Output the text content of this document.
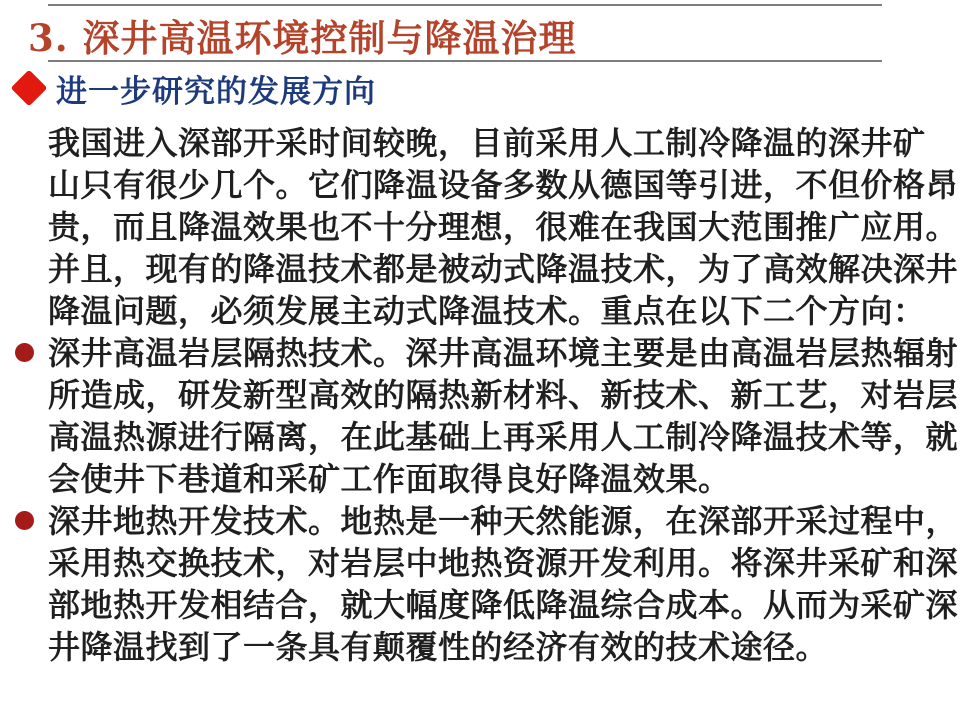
3. 深井高温环境控制与降温治理
进一步研究的发展方向
我国进入深部开采时间较晚，目前采用人工制冷降温的深井矿
山只有很少几个。它们降温设备多数从德国等引进，不但价格昂
贵，而且降温效果也不十分理想，很难在我国大范围推广应用。
并且，现有的降温技术都是被动式降温技术，为了高效解决深井
降温问题，必须发展主动式降温技术。重点在以下二个方向：
深井高温岩层隔热技术。深井高温环境主要是由高温岩层热辐射
所造成，研发新型高效的隔热新材料、新技术、新工艺，对岩层
高温热源进行隔离，在此基础上再采用人工制冷降温技术等，就
会使井下巷道和采矿工作面取得良好降温效果。
深井地热开发技术。地热是一种天然能源，在深部开采过程中，
采用热交换技术，对岩层中地热资源开发利用。将深井采矿和深
部地热开发相结合，就大幅度降低降温综合成本。从而为采矿深
井降温找到了一条具有颠覆性的经济有效的技术途径。
